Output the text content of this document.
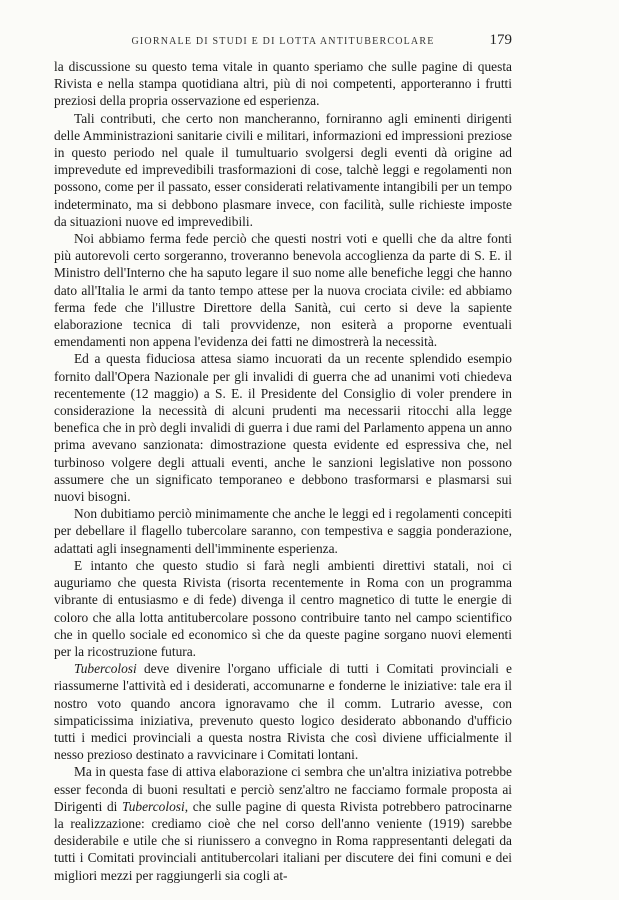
GIORNALE DI STUDI E DI LOTTA ANTITUBERCOLARE	179

la discussione su questo tema vitale in quanto speriamo che sulle pagine di questa Rivista e nella stampa quotidiana altri, più di noi competenti, apporteranno i frutti preziosi della propria osservazione ed esperienza.

Tali contributi, che certo non mancheranno, forniranno agli eminenti dirigenti delle Amministrazioni sanitarie civili e militari, informazioni ed impressioni preziose in questo periodo nel quale il tumultuario svolgersi degli eventi dà origine ad imprevedute ed imprevedibili trasformazioni di cose, talchè leggi e regolamenti non possono, come per il passato, esser considerati relativamente intangibili per un tempo indeterminato, ma si debbono plasmare invece, con facilità, sulle richieste imposte da situazioni nuove ed imprevedibili.

Noi abbiamo ferma fede perciò che questi nostri voti e quelli che da altre fonti più autorevoli certo sorgeranno, troveranno benevola accoglienza da parte di S. E. il Ministro dell'Interno che ha saputo legare il suo nome alle benefiche leggi che hanno dato all'Italia le armi da tanto tempo attese per la nuova crociata civile: ed abbiamo ferma fede che l'illustre Direttore della Sanità, cui certo si deve la sapiente elaborazione tecnica di tali provvidenze, non esiterà a proporne eventuali emendamenti non appena l'evidenza dei fatti ne dimostrerà la necessità.

Ed a questa fiduciosa attesa siamo incuorati da un recente splendido esempio fornito dall'Opera Nazionale per gli invalidi di guerra che ad unanimi voti chiedeva recentemente (12 maggio) a S. E. il Presidente del Consiglio di voler prendere in considerazione la necessità di alcuni prudenti ma necessarii ritocchi alla legge benefica che in prò degli invalidi di guerra i due rami del Parlamento appena un anno prima avevano sanzionata: dimostrazione questa evidente ed espressiva che, nel turbinoso volgere degli attuali eventi, anche le sanzioni legislative non possono assumere che un significato temporaneo e debbono trasformarsi e plasmarsi sui nuovi bisogni.

Non dubitiamo perciò minimamente che anche le leggi ed i regolamenti concepiti per debellare il flagello tubercolare saranno, con tempestiva e saggia ponderazione, adattati agli insegnamenti dell'imminente esperienza.

E intanto che questo studio si farà negli ambienti direttivi statali, noi ci auguriamo che questa Rivista (risorta recentemente in Roma con un programma vibrante di entusiasmo e di fede) divenga il centro magnetico di tutte le energie di coloro che alla lotta antitubercolare possono contribuire tanto nel campo scientifico che in quello sociale ed economico sì che da queste pagine sorgano nuovi elementi per la ricostruzione futura.

Tubercolosi deve divenire l'organo ufficiale di tutti i Comitati provinciali e riassumerne l'attività ed i desiderati, accomunarne e fonderne le iniziative: tale era il nostro voto quando ancora ignoravamo che il comm. Lutrario avesse, con simpaticissima iniziativa, prevenuto questo logico desiderato abbonando d'ufficio tutti i medici provinciali a questa nostra Rivista che così diviene ufficialmente il nesso prezioso destinato a ravvicinare i Comitati lontani.

Ma in questa fase di attiva elaborazione ci sembra che un'altra iniziativa potrebbe esser feconda di buoni resultati e perciò senz'altro ne facciamo formale proposta ai Dirigenti di Tubercolosi, che sulle pagine di questa Rivista potrebbero patrocinarne la realizzazione: crediamo cioè che nel corso dell'anno veniente (1919) sarebbe desiderabile e utile che si riunissero a convegno in Roma rappresentanti delegati da tutti i Comitati provinciali antitubercolari italiani per discutere dei fini comuni e dei migliori mezzi per raggiungerli sia cogli at-
